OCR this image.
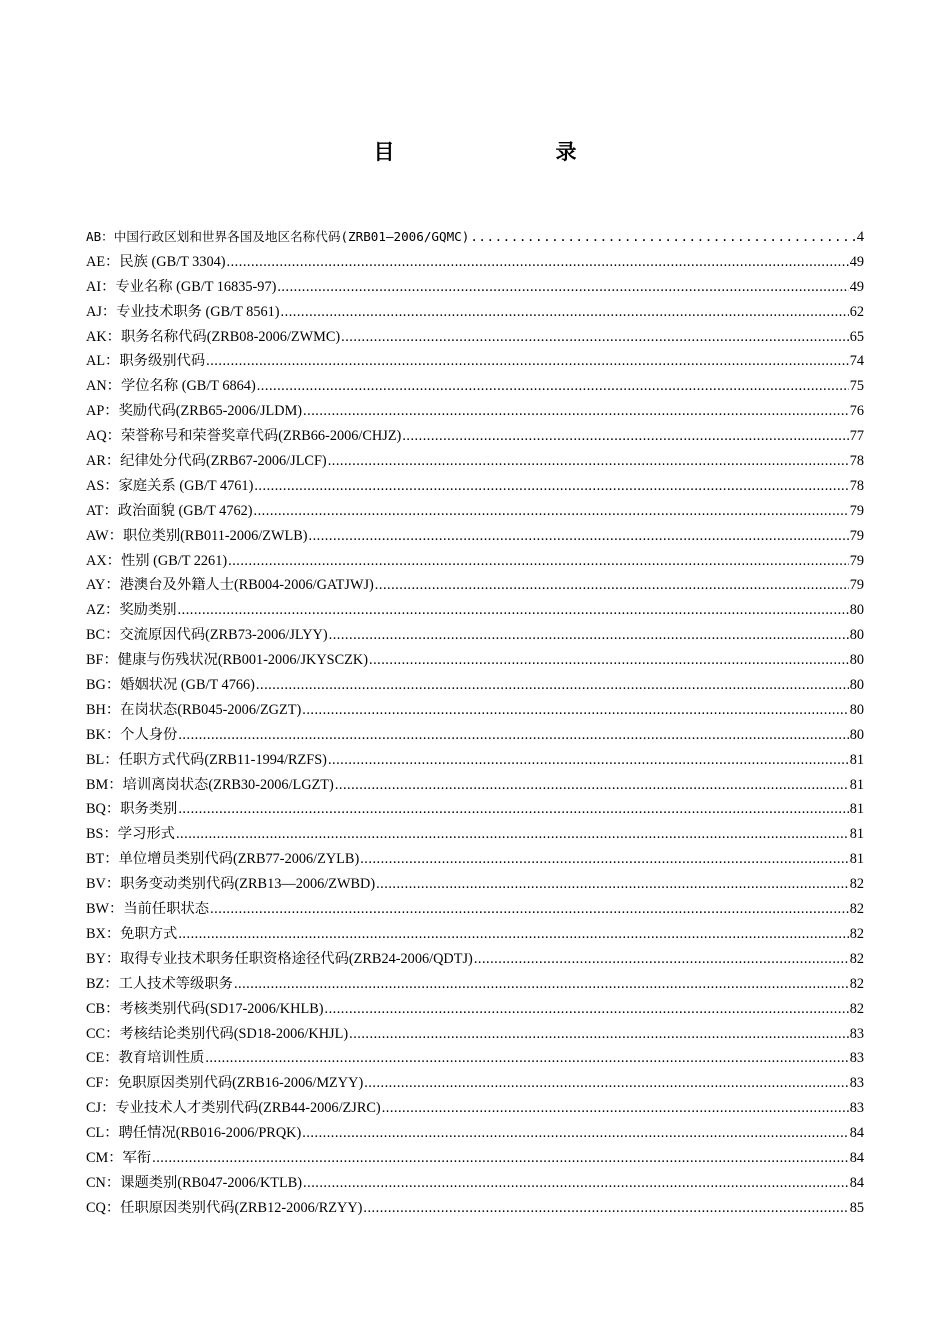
目　录
AB：中国行政区划和世界各国及地区名称代码(ZRB01—2006/GQMC) .....	4
AE：民族 (GB/T 3304) .....	49
AI：专业名称 (GB/T 16835-97) .....	49
AJ：专业技术职务 (GB/T 8561) .....	62
AK：职务名称代码(ZRB08-2006/ZWMC) .....	65
AL：职务级别代码 .....	74
AN：学位名称 (GB/T 6864) .....	75
AP：奖励代码(ZRB65-2006/JLDM) .....	76
AQ：荣誉称号和荣誉奖章代码(ZRB66-2006/CHJZ) .....	77
AR：纪律处分代码(ZRB67-2006/JLCF) .....	78
AS：家庭关系 (GB/T 4761) .....	78
AT：政治面貌 (GB/T 4762) .....	79
AW：职位类别(RB011-2006/ZWLB) .....	79
AX：性别 (GB/T 2261) .....	79
AY：港澳台及外籍人士(RB004-2006/GATJWJ) .....	79
AZ：奖励类别 .....	80
BC：交流原因代码(ZRB73-2006/JLYY) .....	80
BF：健康与伤残状况(RB001-2006/JKYSCZK) .....	80
BG：婚姻状况 (GB/T 4766) .....	80
BH：在岗状态(RB045-2006/ZGZT) .....	80
BK：个人身份 .....	80
BL：任职方式代码(ZRB11-1994/RZFS) .....	81
BM：培训离岗状态(ZRB30-2006/LGZT) .....	81
BQ：职务类别 .....	81
BS：学习形式 .....	81
BT：单位增员类别代码(ZRB77-2006/ZYLB) .....	81
BV：职务变动类别代码(ZRB13—2006/ZWBD) .....	82
BW：当前任职状态 .....	82
BX：免职方式 .....	82
BY：取得专业技术职务任职资格途径代码(ZRB24-2006/QDTJ) .....	82
BZ：工人技术等级职务 .....	82
CB：考核类别代码(SD17-2006/KHLB) .....	82
CC：考核结论类别代码(SD18-2006/KHJL) .....	83
CE：教育培训性质 .....	83
CF：免职原因类别代码(ZRB16-2006/MZYY) .....	83
CJ：专业技术人才类别代码(ZRB44-2006/ZJRC) .....	83
CL：聘任情况(RB016-2006/PRQK) .....	84
CM：军衔 .....	84
CN：课题类别(RB047-2006/KTLB) .....	84
CQ：任职原因类别代码(ZRB12-2006/RZYY) .....	85
